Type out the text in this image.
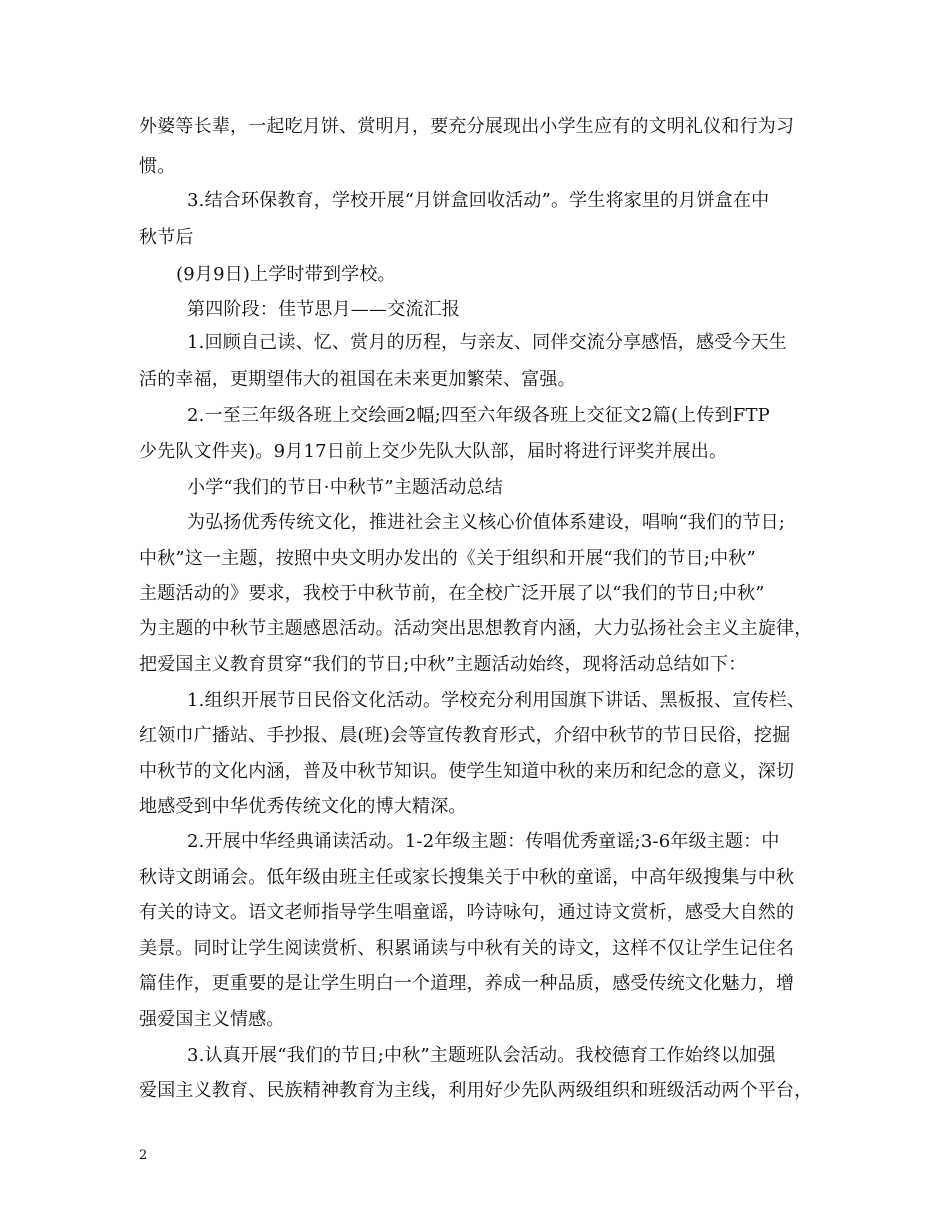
外婆等长辈，一起吃月饼、赏明月，要充分展现出小学生应有的文明礼仪和行为习
惯。
3.结合环保教育，学校开展“月饼盒回收活动”。学生将家里的月饼盒在中
秋节后
(9月9日)上学时带到学校。
第四阶段：佳节思月——交流汇报
1.回顾自己读、忆、赏月的历程，与亲友、同伴交流分享感悟，感受今天生
活的幸福，更期望伟大的祖国在未来更加繁荣、富强。
2.一至三年级各班上交绘画2幅;四至六年级各班上交征文2篇(上传到FTP
少先队文件夹)。9月17日前上交少先队大队部，届时将进行评奖并展出。
小学“我们的节日·中秋节”主题活动总结
为弘扬优秀传统文化，推进社会主义核心价值体系建设，唱响“我们的节日;
中秋”这一主题，按照中央文明办发出的《关于组织和开展“我们的节日;中秋”
主题活动的》要求，我校于中秋节前，在全校广泛开展了以“我们的节日;中秋”
为主题的中秋节主题感恩活动。活动突出思想教育内涵，大力弘扬社会主义主旋律，
把爱国主义教育贯穿“我们的节日;中秋”主题活动始终，现将活动总结如下：
1.组织开展节日民俗文化活动。学校充分利用国旗下讲话、黑板报、宣传栏、
红领巾广播站、手抄报、晨(班)会等宣传教育形式，介绍中秋节的节日民俗，挖掘
中秋节的文化内涵，普及中秋节知识。使学生知道中秋的来历和纪念的意义，深切
地感受到中华优秀传统文化的博大精深。
2.开展中华经典诵读活动。1-2年级主题：传唱优秀童谣;3-6年级主题：中
秋诗文朗诵会。低年级由班主任或家长搜集关于中秋的童谣，中高年级搜集与中秋
有关的诗文。语文老师指导学生唱童谣，吟诗咏句，通过诗文赏析，感受大自然的
美景。同时让学生阅读赏析、积累诵读与中秋有关的诗文，这样不仅让学生记住名
篇佳作，更重要的是让学生明白一个道理，养成一种品质，感受传统文化魅力，增
强爱国主义情感。
3.认真开展“我们的节日;中秋”主题班队会活动。我校德育工作始终以加强
爱国主义教育、民族精神教育为主线，利用好少先队两级组织和班级活动两个平台，
2
